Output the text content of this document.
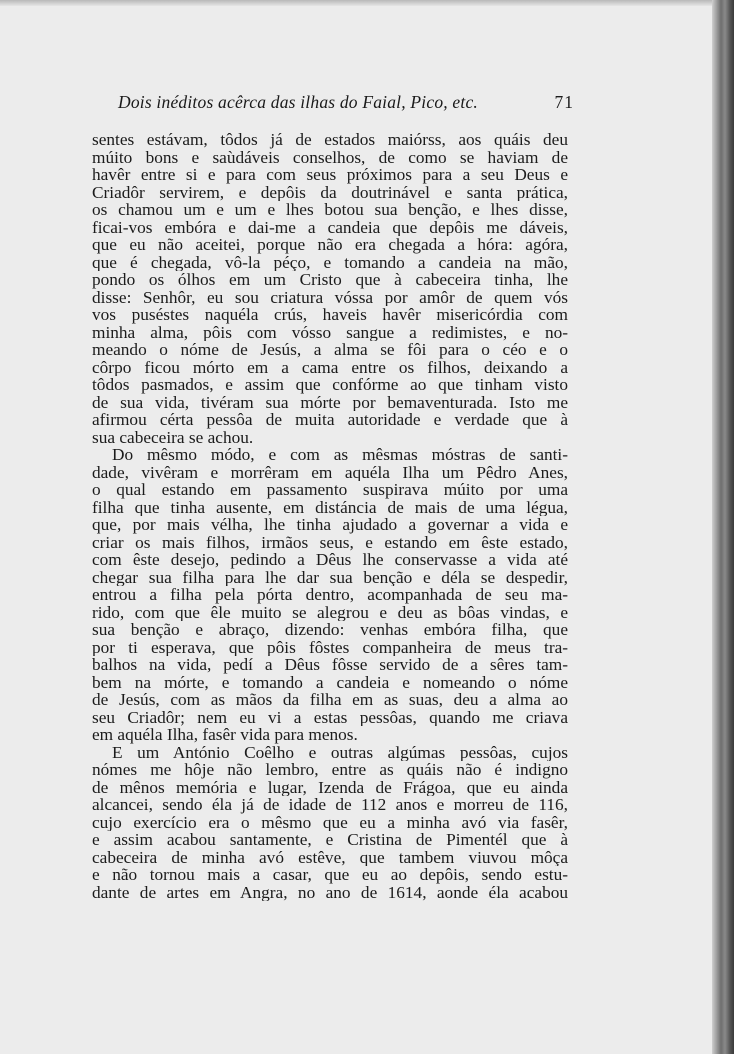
Dois inéditos acêrca das ilhas do Faial, Pico, etc.	71
sentes estávam, tôdos já de estados maiórss, aos quáis deu
múito bons e saùdáveis conselhos, de como se haviam de
havêr entre si e para com seus próximos para a seu Deus e
Criadôr servirem, e depôis da doutrinável e santa prática,
os chamou um e um e lhes botou sua benção, e lhes disse,
ficai-vos embóra e dai-me a candeia que depôis me dáveis,
que eu não aceitei, porque não era chegada a hóra: agóra,
que é chegada, vô-la péço, e tomando a candeia na mão,
pondo os ólhos em um Cristo que à cabeceira tinha, lhe
disse: Senhôr, eu sou criatura vóssa por amôr de quem vós
vos puséstes naquéla crús, haveis havêr misericórdia com
minha alma, pôis com vósso sangue a redimistes, e no-
meando o nóme de Jesús, a alma se fôi para o céo e o
côrpo ficou mórto em a cama entre os filhos, deixando a
tôdos pasmados, e assim que confórme ao que tinham visto
de sua vida, tivéram sua mórte por bemaventurada. Isto me
afirmou cérta pessôa de muita autoridade e verdade que à
sua cabeceira se achou.
Do mêsmo módo, e com as mêsmas móstras de santi-
dade, vivêram e morrêram em aquéla Ilha um Pêdro Anes,
o qual estando em passamento suspirava múito por uma
filha que tinha ausente, em distáncia de mais de uma légua,
que, por mais vélha, lhe tinha ajudado a governar a vida e
criar os mais filhos, irmãos seus, e estando em êste estado,
com êste desejo, pedindo a Dêus lhe conservasse a vida até
chegar sua filha para lhe dar sua benção e déla se despedir,
entrou a filha pela pórta dentro, acompanhada de seu ma-
rido, com que êle muito se alegrou e deu as bôas vindas, e
sua benção e abraço, dizendo: venhas embóra filha, que
por ti esperava, que pôis fôstes companheira de meus tra-
balhos na vida, pedí a Dêus fôsse servido de a sêres tam-
bem na mórte, e tomando a candeia e nomeando o nóme
de Jesús, com as mãos da filha em as suas, deu a alma ao
seu Criadôr; nem eu vi a estas pessôas, quando me criava
em aquéla Ilha, fasêr vida para menos.
E um António Coêlho e outras algúmas pessôas, cujos
nómes me hôje não lembro, entre as quáis não é indigno
de mênos memória e lugar, Izenda de Frágoa, que eu ainda
alcancei, sendo éla já de idade de 112 anos e morreu de 116,
cujo exercício era o mêsmo que eu a minha avó via fasêr,
e assim acabou santamente, e Cristina de Pimentél que à
cabeceira de minha avó estêve, que tambem viuvou môça
e não tornou mais a casar, que eu ao depôis, sendo estu-
dante de artes em Angra, no ano de 1614, aonde éla acabou
